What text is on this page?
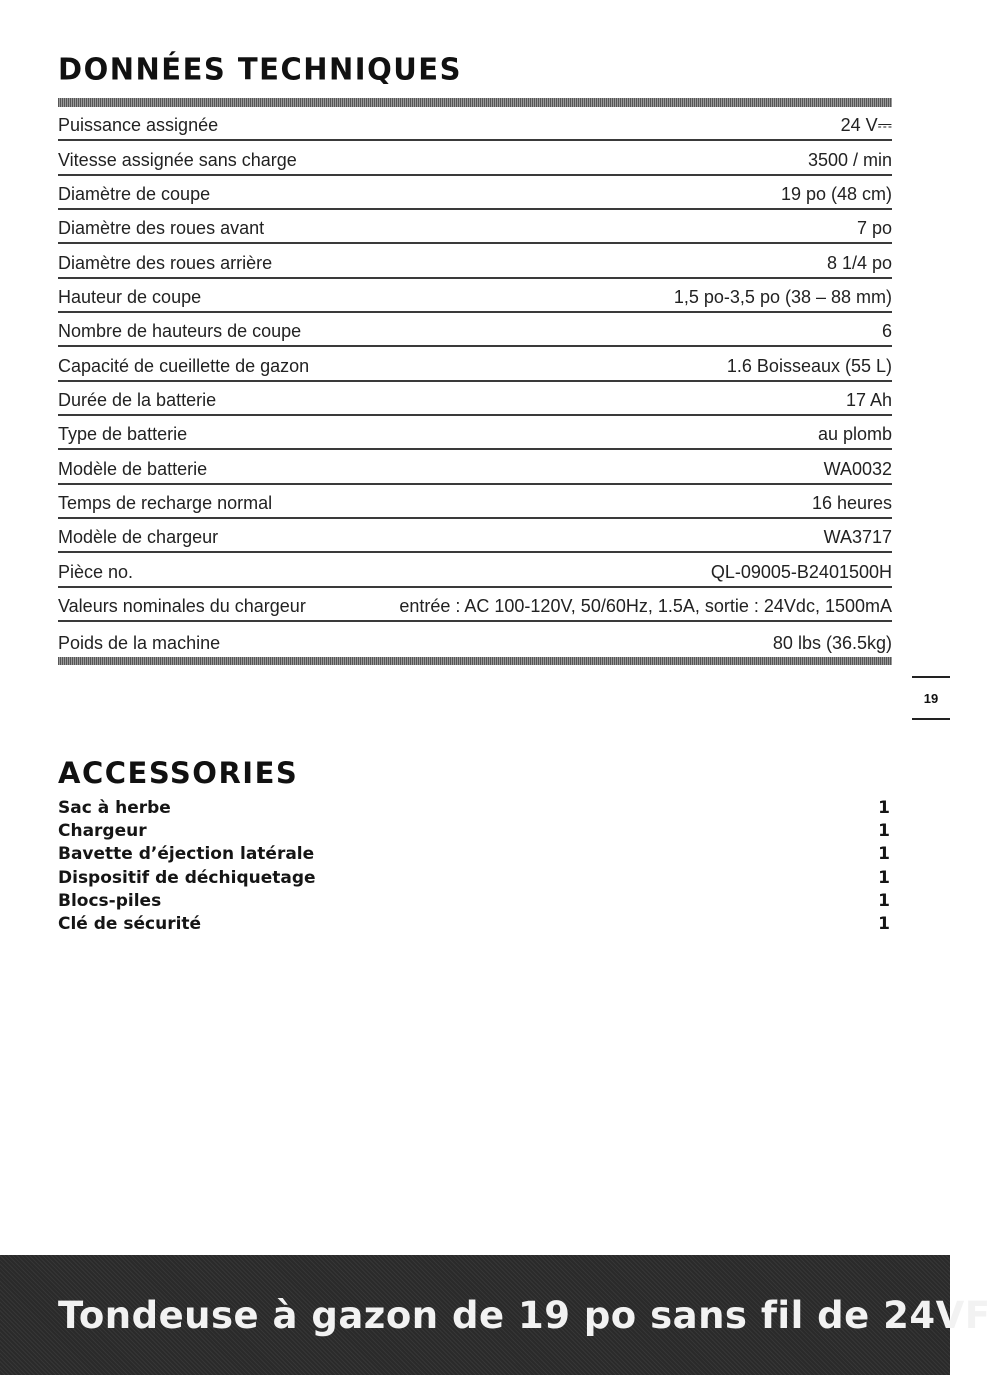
DONNÉES TECHNIQUES
Puissance assignée	24 V⎓
Vitesse assignée sans charge	3500 / min
Diamètre de coupe	19 po (48 cm)
Diamètre des roues avant	7 po
Diamètre des roues arrière	8 1/4 po
Hauteur de coupe	1,5 po-3,5 po (38 – 88 mm)
Nombre de hauteurs de coupe	6
Capacité de cueillette de gazon	1.6 Boisseaux (55 L)
Durée de la batterie	17 Ah
Type de batterie	au plomb
Modèle de batterie	WA0032
Temps de recharge normal	16 heures
Modèle de chargeur	WA3717
Pièce no.	QL-09005-B2401500H
Valeurs nominales du chargeur	entrée : AC 100-120V, 50/60Hz, 1.5A, sortie : 24Vdc, 1500mA
Poids de la machine	80 lbs (36.5kg)
19
ACCESSORIES
Sac à herbe	1
Chargeur	1
Bavette d’éjection latérale	1
Dispositif de déchiquetage	1
Blocs-piles	1
Clé de sécurité	1
Tondeuse à gazon de 19 po sans fil de 24V F
